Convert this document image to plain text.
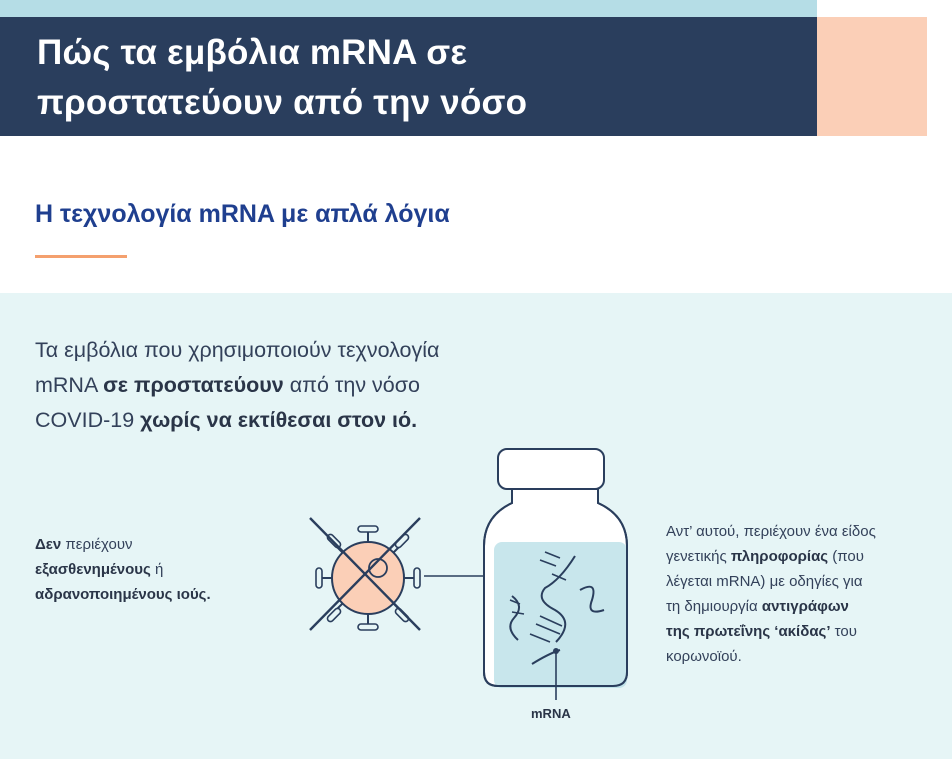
Πώς τα εμβόλια mRNA σε
προστατεύουν από την νόσο
Η τεχνολογία mRNA με απλά λόγια

Τα εμβόλια που χρησιμοποιούν τεχνολογία
mRNA σε προστατεύουν από την νόσο
COVID-19 χωρίς να εκτίθεσαι στον ιό.

Δεν περιέχουν
εξασθενημένους ή
αδρανοποιημένους ιούς.

Αντ’ αυτού, περιέχουν ένα είδος
γενετικής πληροφορίας (που
λέγεται mRNA) με οδηγίες για
τη δημιουργία αντιγράφων
της πρωτεΐνης ‘ακίδας’ του
κορωνοϊού.

mRNA
